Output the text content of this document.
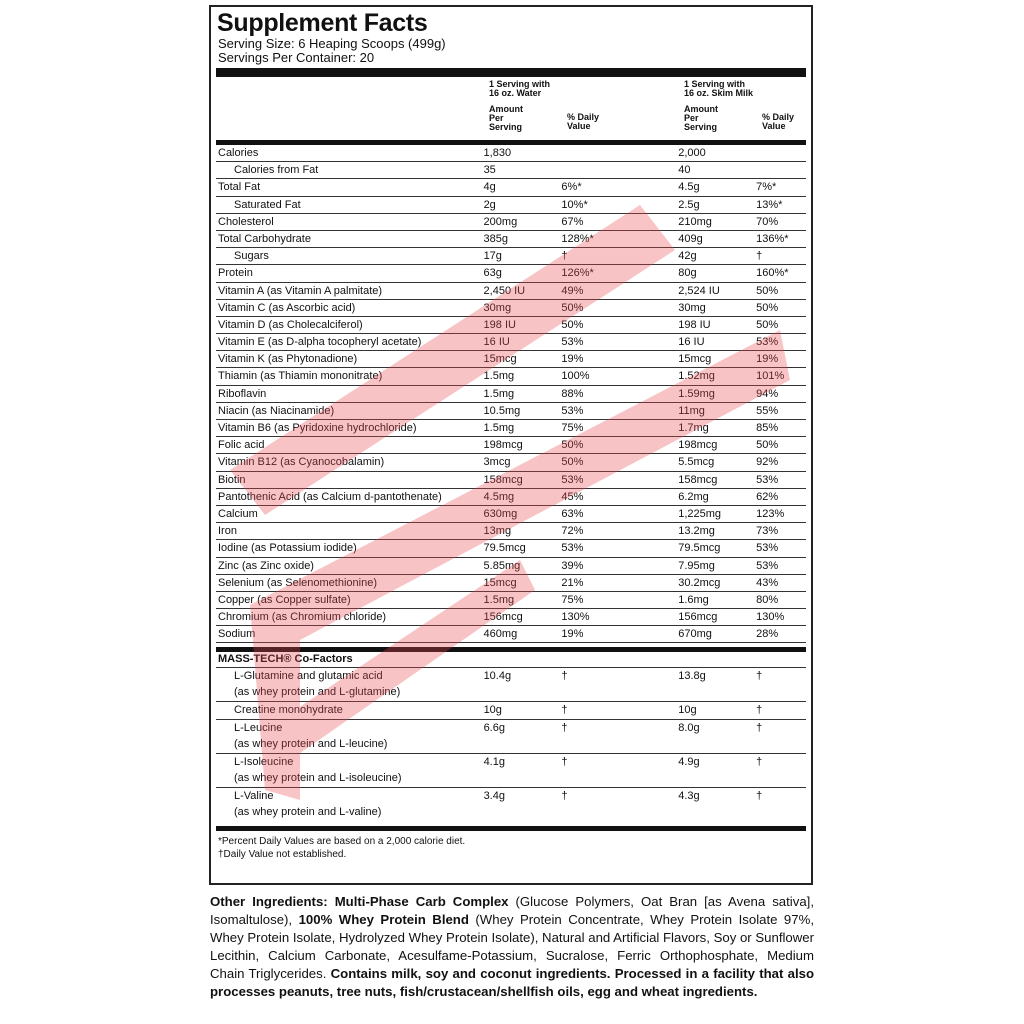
Supplement Facts
Serving Size: 6 Heaping Scoops (499g)
Servings Per Container: 20
1 Serving with
16 oz. Water
1 Serving with
16 oz. Skim Milk
Amount
Per
Serving
% Daily
Value
Amount
Per
Serving
% Daily
Value
Calories	1,830	2,000
Calories from Fat	35	40
Total Fat	4g	6%*	4.5g	7%*
Saturated Fat	2g	10%*	2.5g	13%*
Cholesterol	200mg	67%	210mg	70%
Total Carbohydrate	385g	128%*	409g	136%*
Sugars	17g	†	42g	†
Protein	63g	126%*	80g	160%*
Vitamin A (as Vitamin A palmitate)	2,450 IU	49%	2,524 IU	50%
Vitamin C (as Ascorbic acid)	30mg	50%	30mg	50%
Vitamin D (as Cholecalciferol)	198 IU	50%	198 IU	50%
Vitamin E (as D-alpha tocopheryl acetate)	16 IU	53%	16 IU	53%
Vitamin K (as Phytonadione)	15mcg	19%	15mcg	19%
Thiamin (as Thiamin mononitrate)	1.5mg	100%	1.52mg	101%
Riboflavin	1.5mg	88%	1.59mg	94%
Niacin (as Niacinamide)	10.5mg	53%	11mg	55%
Vitamin B6 (as Pyridoxine hydrochloride)	1.5mg	75%	1.7mg	85%
Folic acid	198mcg	50%	198mcg	50%
Vitamin B12 (as Cyanocobalamin)	3mcg	50%	5.5mcg	92%
Biotin	158mcg	53%	158mcg	53%
Pantothenic Acid (as Calcium d-pantothenate)	4.5mg	45%	6.2mg	62%
Calcium	630mg	63%	1,225mg	123%
Iron	13mg	72%	13.2mg	73%
Iodine (as Potassium iodide)	79.5mcg	53%	79.5mcg	53%
Zinc (as Zinc oxide)	5.85mg	39%	7.95mg	53%
Selenium (as Selenomethionine)	15mcg	21%	30.2mcg	43%
Copper (as Copper sulfate)	1.5mg	75%	1.6mg	80%
Chromium (as Chromium chloride)	156mcg	130%	156mcg	130%
Sodium	460mg	19%	670mg	28%
MASS-TECH® Co-Factors
L-Glutamine and glutamic acid
(as whey protein and L-glutamine)
10.4g	†	13.8g	†
Creatine monohydrate	10g	†	10g	†
L-Leucine
(as whey protein and L-leucine)
6.6g	†	8.0g	†
L-Isoleucine
(as whey protein and L-isoleucine)
4.1g	†	4.9g	†
L-Valine
(as whey protein and L-valine)
3.4g	†	4.3g	†
*Percent Daily Values are based on a 2,000 calorie diet.
†Daily Value not established.
Other Ingredients: Multi-Phase Carb Complex (Glucose Polymers, Oat Bran [as Avena sativa], Isomaltulose), 100% Whey Protein Blend (Whey Protein Concentrate, Whey Protein Isolate 97%, Whey Protein Isolate, Hydrolyzed Whey Protein Isolate), Natural and Artificial Flavors, Soy or Sunflower Lecithin, Calcium Carbonate, Acesulfame-Potassium, Sucralose, Ferric Orthophosphate, Medium Chain Triglycerides. Contains milk, soy and coconut ingredients. Processed in a facility that also processes peanuts, tree nuts, fish/crustacean/shellfish oils, egg and wheat ingredients.
